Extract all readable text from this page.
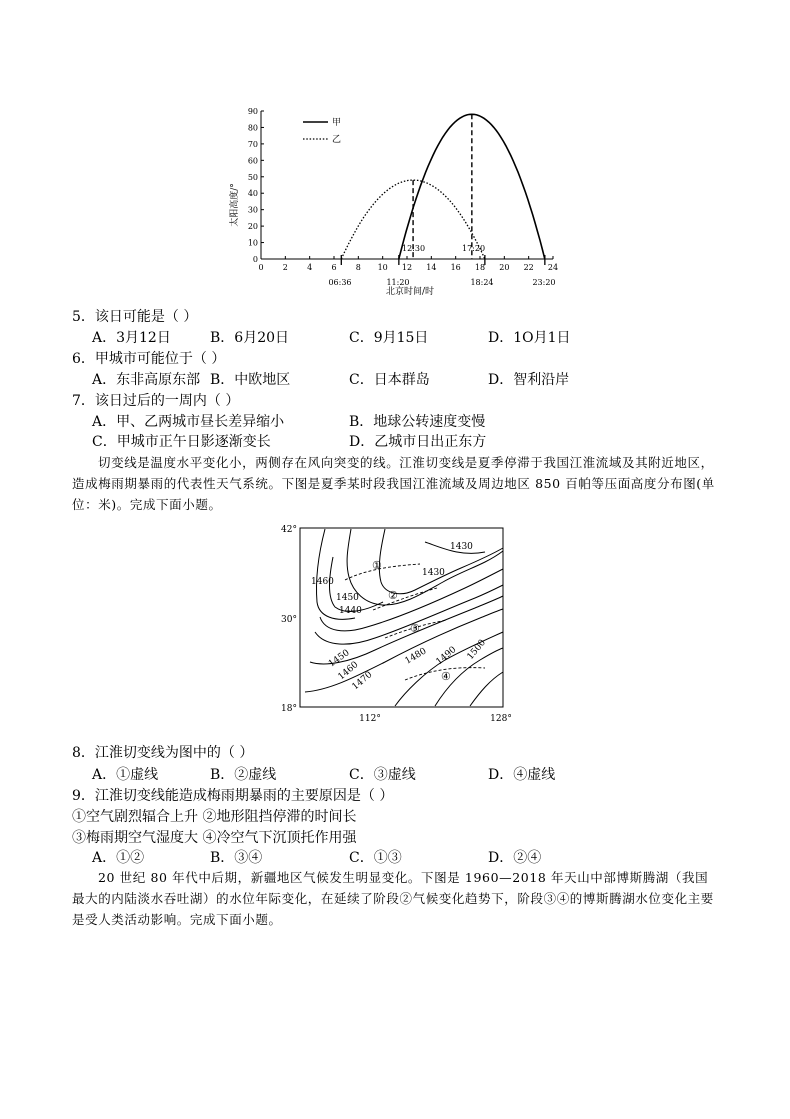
0
10
20
30
40
50
60
70
80
90
0 2 4 6 8 10 12 14 16 18 20 22 24
太阳高度/°
北京时间/时
甲
乙
12:30	17:20
06:36	11:20	18:24	23:20
5．该日可能是（ ）
A．3月12日	B．6月20日	C．9月15日	D．1O月1日
6．甲城市可能位于（ ）
A．东非高原东部 B．中欧地区	C．日本群岛	D．智利沿岸
7．该日过后的一周内（ ）
A．甲、乙两城市昼长差异缩小	B．地球公转速度变慢
C．甲城市正午日影逐渐变长	D．乙城市日出正东方
切变线是温度水平变化小，两侧存在风向突变的线。江淮切变线是夏季停滞于我国江淮流域及其附近地区，造成梅雨期暴雨的代表性天气系统。下图是夏季某时段我国江淮流域及周边地区 850 百帕等压面高度分布图(单位：米)。完成下面小题。
42°
30°
18°
112°	128°
1430
1430
1460
1450
1440
1450
1460
1470
1480 1490 1500
①
②
③
④
8．江淮切变线为图中的（ ）
A．①虚线	B．②虚线	C．③虚线	D．④虚线
9．江淮切变线能造成梅雨期暴雨的主要原因是（ ）
①空气剧烈辐合上升 ②地形阻挡停滞的时间长
③梅雨期空气湿度大 ④冷空气下沉顶托作用强
A．①②	B．③④	C．①③	D．②④
20 世纪 80 年代中后期，新疆地区气候发生明显变化。下图是 1960—2018 年天山中部博斯腾湖（我国最大的内陆淡水吞吐湖）的水位年际变化，在延续了阶段②气候变化趋势下，阶段③④的博斯腾湖水位变化主要是受人类活动影响。完成下面小题。
